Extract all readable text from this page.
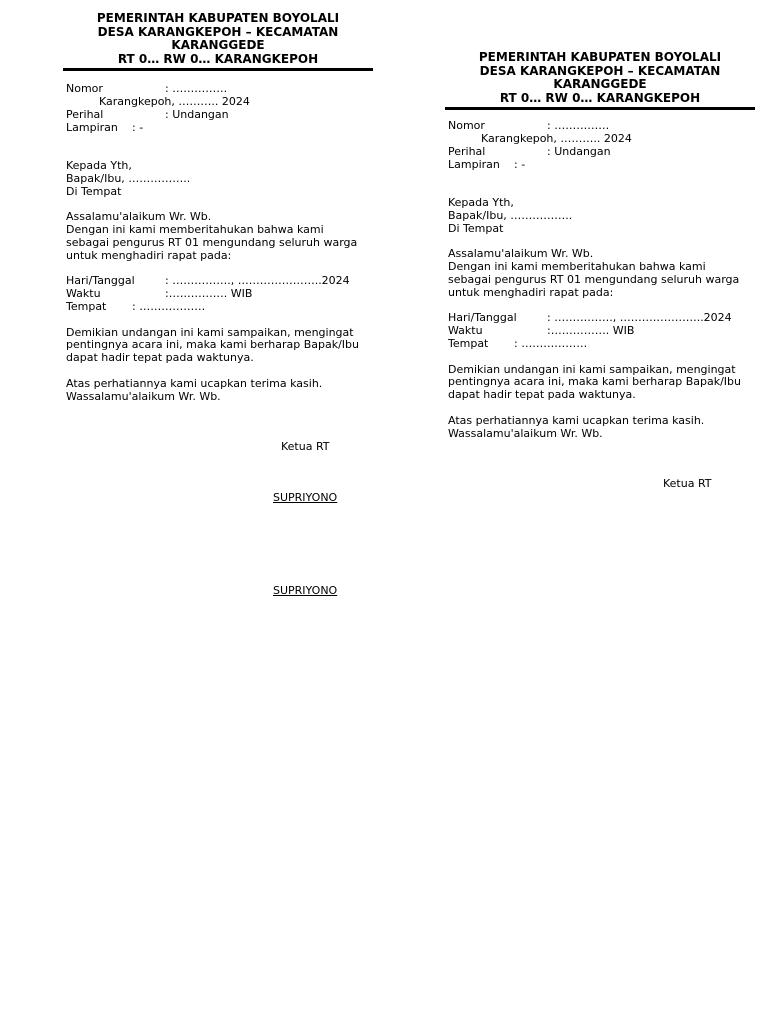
PEMERINTAH KABUPATEN BOYOLALI
DESA KARANGKEPOH – KECAMATAN
KARANGGEDE
RT 0… RW 0… KARANGKEPOH
Nomor	: ……………
Karangkepoh, ……….. 2024
Perihal	: Undangan
Lampiran	: -
Kepada Yth,
Bapak/Ibu, ……………..
Di Tempat
Assalamu'alaikum Wr. Wb.
Dengan ini kami memberitahukan bahwa kami
sebagai pengurus RT 01 mengundang seluruh warga
untuk menghadiri rapat pada:
Hari/Tanggal	: ……………., …………………..2024
Waktu	:……………. WIB
Tempat	: ………………
Demikian undangan ini kami sampaikan, mengingat
pentingnya acara ini, maka kami berharap Bapak/Ibu
dapat hadir tepat pada waktunya.
Atas perhatiannya kami ucapkan terima kasih.
Wassalamu'alaikum Wr. Wb.
Ketua RT
SUPRIYONO
SUPRIYONO
PEMERINTAH KABUPATEN BOYOLALI
DESA KARANGKEPOH – KECAMATAN
KARANGGEDE
RT 0… RW 0… KARANGKEPOH
Nomor	: ……………
Karangkepoh, ……….. 2024
Perihal	: Undangan
Lampiran	: -
Kepada Yth,
Bapak/Ibu, ……………..
Di Tempat
Assalamu'alaikum Wr. Wb.
Dengan ini kami memberitahukan bahwa kami
sebagai pengurus RT 01 mengundang seluruh warga
untuk menghadiri rapat pada:
Hari/Tanggal	: ……………., …………………..2024
Waktu	:……………. WIB
Tempat	: ………………
Demikian undangan ini kami sampaikan, mengingat
pentingnya acara ini, maka kami berharap Bapak/Ibu
dapat hadir tepat pada waktunya.
Atas perhatiannya kami ucapkan terima kasih.
Wassalamu'alaikum Wr. Wb.
Ketua RT
